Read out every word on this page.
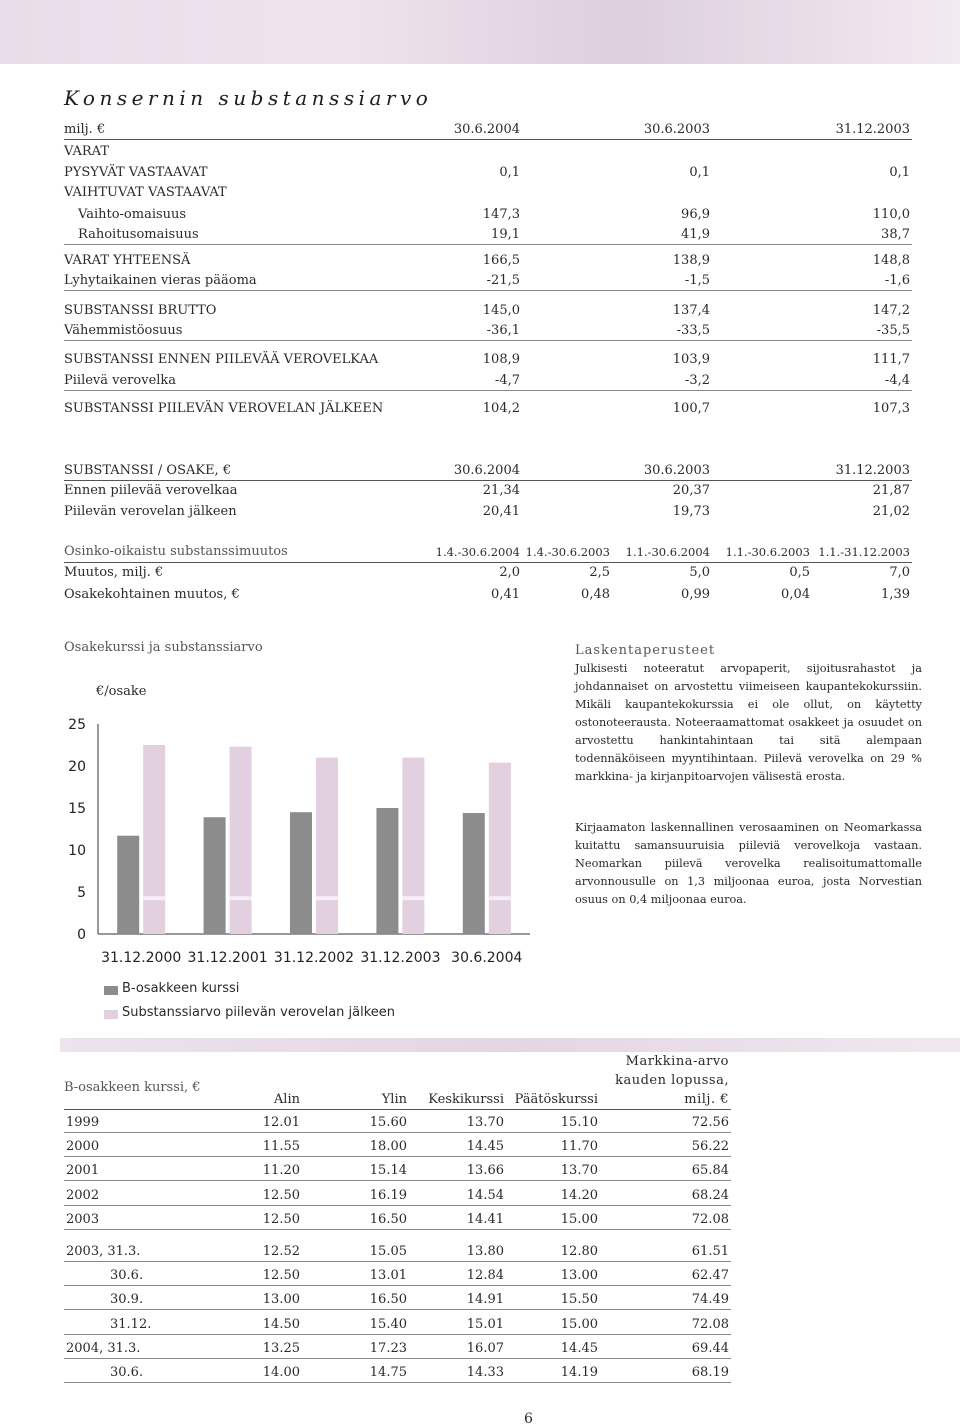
Konsernin substanssiarvo
milj. €	30.6.2004	30.6.2003	31.12.2003
VARAT
PYSYVÄT VASTAAVAT	0,1	0,1	0,1
VAIHTUVAT VASTAAVAT
Vaihto-omaisuus	147,3	96,9	110,0
Rahoitusomaisuus	19,1	41,9	38,7
VARAT YHTEENSÄ	166,5	138,9	148,8
Lyhytaikainen vieras pääoma	-21,5	-1,5	-1,6
SUBSTANSSI BRUTTO	145,0	137,4	147,2
Vähemmistöosuus	-36,1	-33,5	-35,5
SUBSTANSSI ENNEN PIILEVÄÄ VEROVELKAA	108,9	103,9	111,7
Piilevä verovelka	-4,7	-3,2	-4,4
SUBSTANSSI PIILEVÄN VEROVELAN JÄLKEEN	104,2	100,7	107,3
SUBSTANSSI / OSAKE, €	30.6.2004	30.6.2003	31.12.2003
Ennen piilevää verovelkaa	21,34	20,37	21,87
Piilevän verovelan jälkeen	20,41	19,73	21,02
Osinko-oikaistu substanssimuutos	1.4.-30.6.2004 1.4.-30.6.2003	1.1.-30.6.2004	1.1.-30.6.2003 1.1.-31.12.2003
Muutos, milj. €	2,0	2,5	5,0	0,5	7,0
Osakekohtainen muutos, €	0,41	0,48	0,99	0,04	1,39
Osakekurssi ja substanssiarvo
€/osake
0
5
10
15
20
25
31.12.2000 31.12.2001 31.12.2002 31.12.2003 30.6.2004
B-osakkeen kurssi
Substanssiarvo piilevän verovelan jälkeen
Laskentaperusteet
Julkisesti noteeratut arvopaperit, sijoitusrahastot ja johdannaiset on arvostettu viimeiseen kaupantekokurssiin. Mikäli kaupantekokurssia ei ole ollut, on käytetty ostonoteerausta. Noteeraamattomat osakkeet ja osuudet on arvostettu hankintahintaan tai sitä alempaan todennäköiseen myyntihintaan. Piilevä verovelka on 29 % markkina- ja kirjanpitoarvojen välisestä erosta.
Kirjaamaton laskennallinen verosaaminen on Neomarkassa kuitattu samansuuruisia piileviä verovelkoja vastaan. Neomarkan piilevä verovelka realisoitumattomalle arvonnousulle on 1,3 miljoonaa euroa, josta Norvestian osuus on 0,4 miljoonaa euroa.
B-osakkeen kurssi, €
Markkina-arvo
kauden lopussa,
milj. €
Alin	Ylin	Keskikurssi Päätöskurssi
1999	12.01	15.60	13.70	15.10	72.56
2000	11.55	18.00	14.45	11.70	56.22
2001	11.20	15.14	13.66	13.70	65.84
2002	12.50	16.19	14.54	14.20	68.24
2003	12.50	16.50	14.41	15.00	72.08
2003, 31.3.	12.52	15.05	13.80	12.80	61.51
30.6.	12.50	13.01	12.84	13.00	62.47
30.9.	13.00	16.50	14.91	15.50	74.49
31.12.	14.50	15.40	15.01	15.00	72.08
2004, 31.3.	13.25	17.23	16.07	14.45	69.44
30.6.	14.00	14.75	14.33	14.19	68.19
6
